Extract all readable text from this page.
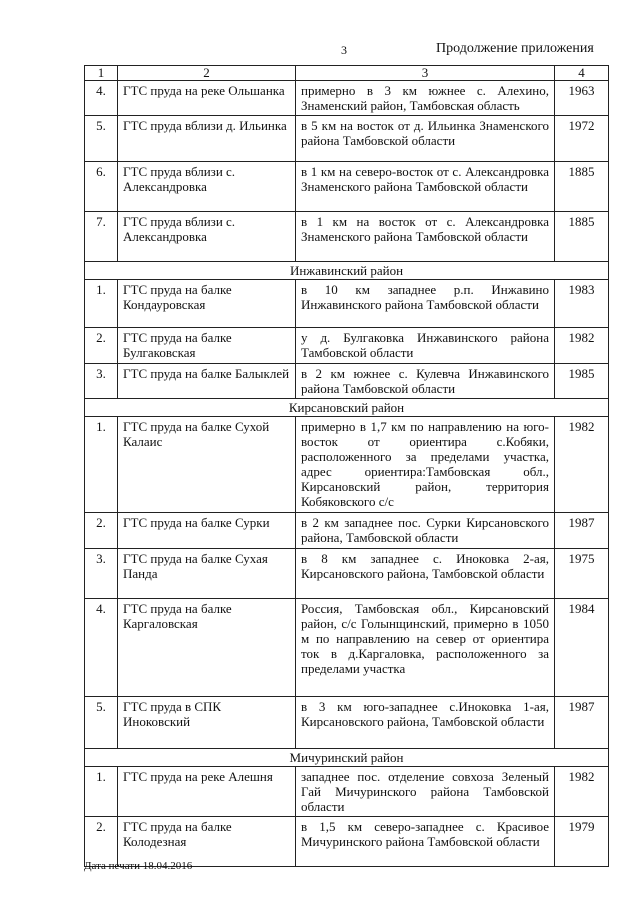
3	Продолжение приложения
1	2	3	4
4.	ГТС пруда на реке Ольшанка	примерно в 3 км южнее с. Алехино, Знаменский район, Тамбовская область	1963
5.	ГТС пруда вблизи д. Ильинка	в 5 км на восток от д. Ильинка Знаменского района Тамбовской области	1972
6.	ГТС пруда вблизи с. Александровка	в 1 км на северо-восток от с. Александровка Знаменского района Тамбовской области	1885
7.	ГТС пруда вблизи с. Александровка	в 1 км на восток от с. Александровка Знаменского района Тамбовской области	1885
Инжавинский район			
1.	ГТС пруда на балке Кондауровская	в 10 км западнее р.п. Инжавино Инжавинского района Тамбовской области	1983
2.	ГТС пруда на балке Булгаковская	у д. Булгаковка Инжавинского района Тамбовской области	1982
3.	ГТС пруда на балке Балыклей	в 2 км южнее с. Кулевча Инжавинского района Тамбовской области	1985
Кирсановский район			
1.	ГТС пруда на балке Сухой Калаис	примерно в 1,7 км по направлению на юго-восток от ориентира с.Кобяки, расположенного за пределами участка, адрес ориентира:Тамбовская обл., Кирсановский район, территория Кобяковского с/с	1982
2.	ГТС пруда на балке Сурки	в 2 км западнее пос. Сурки Кирсановского района, Тамбовской области	1987
3.	ГТС пруда на балке Сухая Панда	в 8 км западнее с. Иноковка 2-ая, Кирсановского района, Тамбовской области	1975
4.	ГТС пруда на балке Каргаловская	Россия, Тамбовская обл., Кирсановский район, с/с Голынщинский, примерно в 1050 м по направлению на север от ориентира ток в д.Каргаловка, расположенного за пределами участка	1984
5.	ГТС пруда в СПК Иноковский	в 3 км юго-западнее с.Иноковка 1-ая, Кирсановского района, Тамбовской области	1987
Мичуринский район			
1.	ГТС пруда на реке Алешня	западнее пос. отделение совхоза Зеленый Гай Мичуринского района Тамбовской области	1982
2.	ГТС пруда на балке Колодезная	в 1,5 км северо-западнее с. Красивое Мичуринского района Тамбовской области	1979
Дата печати 18.04.2016
